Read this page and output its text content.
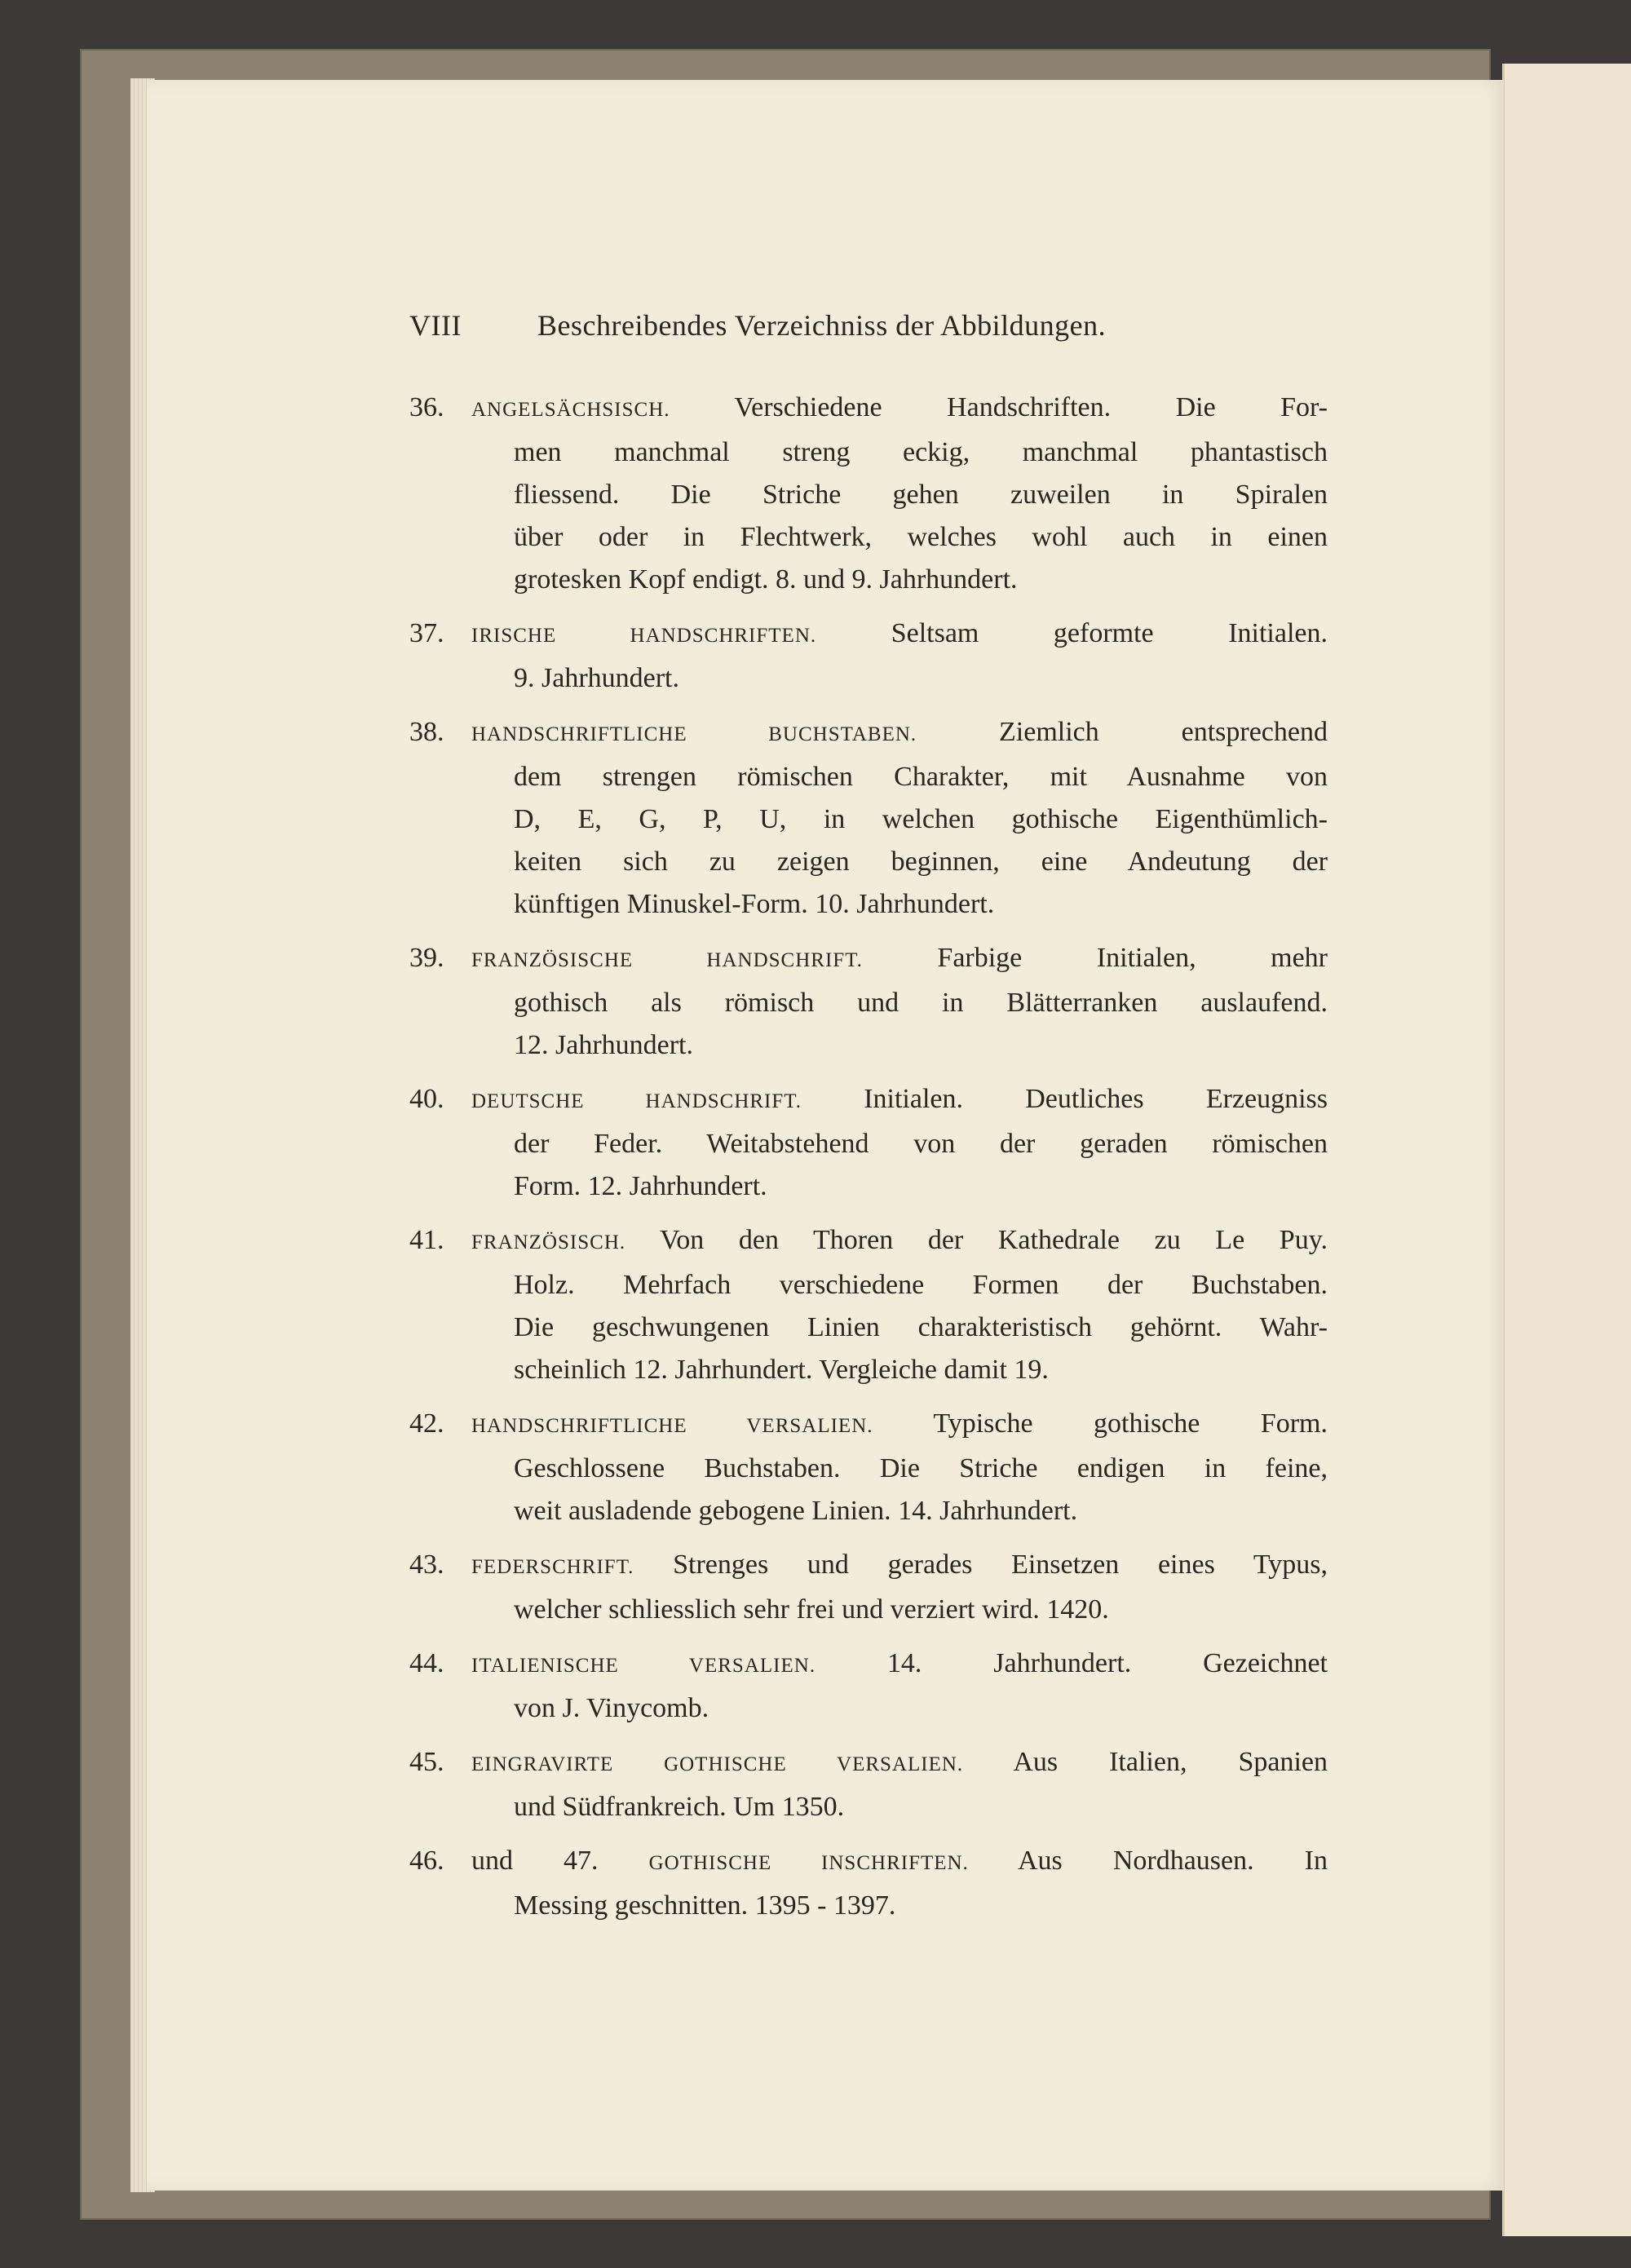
VIII	Beschreibendes Verzeichniss der Abbildungen.
36. ANGELSÄCHSISCH. Verschiedene Handschriften. Die For-
men manchmal streng eckig, manchmal phantastisch
fliessend. Die Striche gehen zuweilen in Spiralen
über oder in Flechtwerk, welches wohl auch in einen
grotesken Kopf endigt. 8. und 9. Jahrhundert.
37. IRISCHE HANDSCHRIFTEN.	Seltsam geformte Initialen.
9. Jahrhundert.
38. HANDSCHRIFTLICHE BUCHSTABEN.	Ziemlich entsprechend
dem strengen römischen Charakter, mit Ausnahme von
D, E, G, P, U, in welchen gothische Eigenthümlich-
keiten sich zu zeigen beginnen, eine Andeutung der
künftigen Minuskel-Form. 10. Jahrhundert.
39. FRANZÖSISCHE HANDSCHRIFT.	Farbige Initialen, mehr
gothisch als römisch und in Blätterranken auslaufend.
12. Jahrhundert.
40. DEUTSCHE HANDSCHRIFT. Initialen. Deutliches Erzeugniss
der Feder. Weitabstehend von der geraden römischen
Form. 12. Jahrhundert.
41. FRANZÖSISCH. Von den Thoren der Kathedrale zu Le Puy.
Holz. Mehrfach verschiedene Formen der Buchstaben.
Die geschwungenen Linien charakteristisch gehörnt. Wahr-
scheinlich 12. Jahrhundert. Vergleiche damit 19.
42. HANDSCHRIFTLICHE VERSALIEN. Typische gothische Form.
Geschlossene Buchstaben. Die Striche endigen in feine,
weit ausladende gebogene Linien. 14. Jahrhundert.
43. FEDERSCHRIFT. Strenges und gerades Einsetzen eines Typus,
welcher schliesslich sehr frei und verziert wird. 1420.
44. ITALIENISCHE VERSALIEN.	14. Jahrhundert. Gezeichnet
von J. Vinycomb.
45. EINGRAVIRTE GOTHISCHE VERSALIEN. Aus Italien, Spanien
und Südfrankreich. Um 1350.
46. und 47. GOTHISCHE INSCHRIFTEN. Aus Nordhausen. In
Messing geschnitten. 1395 - 1397.
